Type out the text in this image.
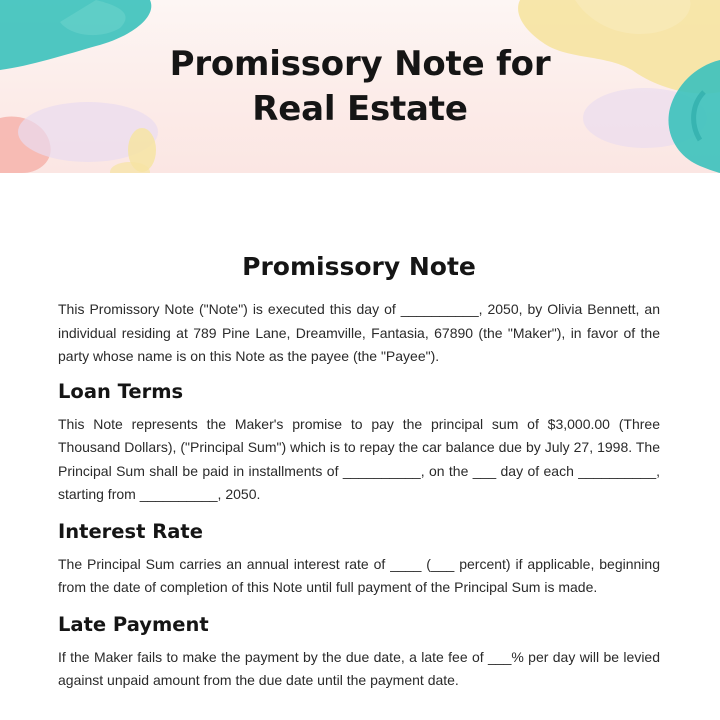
Promissory Note for
Real Estate
Promissory Note

This Promissory Note ("Note") is executed this day of __________, 2050, by Olivia Bennett, an individual residing at 789 Pine Lane, Dreamville, Fantasia, 67890 (the "Maker"), in favor of the party whose name is on this Note as the payee (the "Payee").

Loan Terms

This Note represents the Maker's promise to pay the principal sum of $3,000.00 (Three Thousand Dollars), ("Principal Sum") which is to repay the car balance due by July 27, 1998. The Principal Sum shall be paid in installments of __________, on the ___ day of each __________, starting from __________, 2050.

Interest Rate

The Principal Sum carries an annual interest rate of ____ (___ percent) if applicable, beginning from the date of completion of this Note until full payment of the Principal Sum is made.

Late Payment

If the Maker fails to make the payment by the due date, a late fee of ___% per day will be levied against unpaid amount from the due date until the payment date.
